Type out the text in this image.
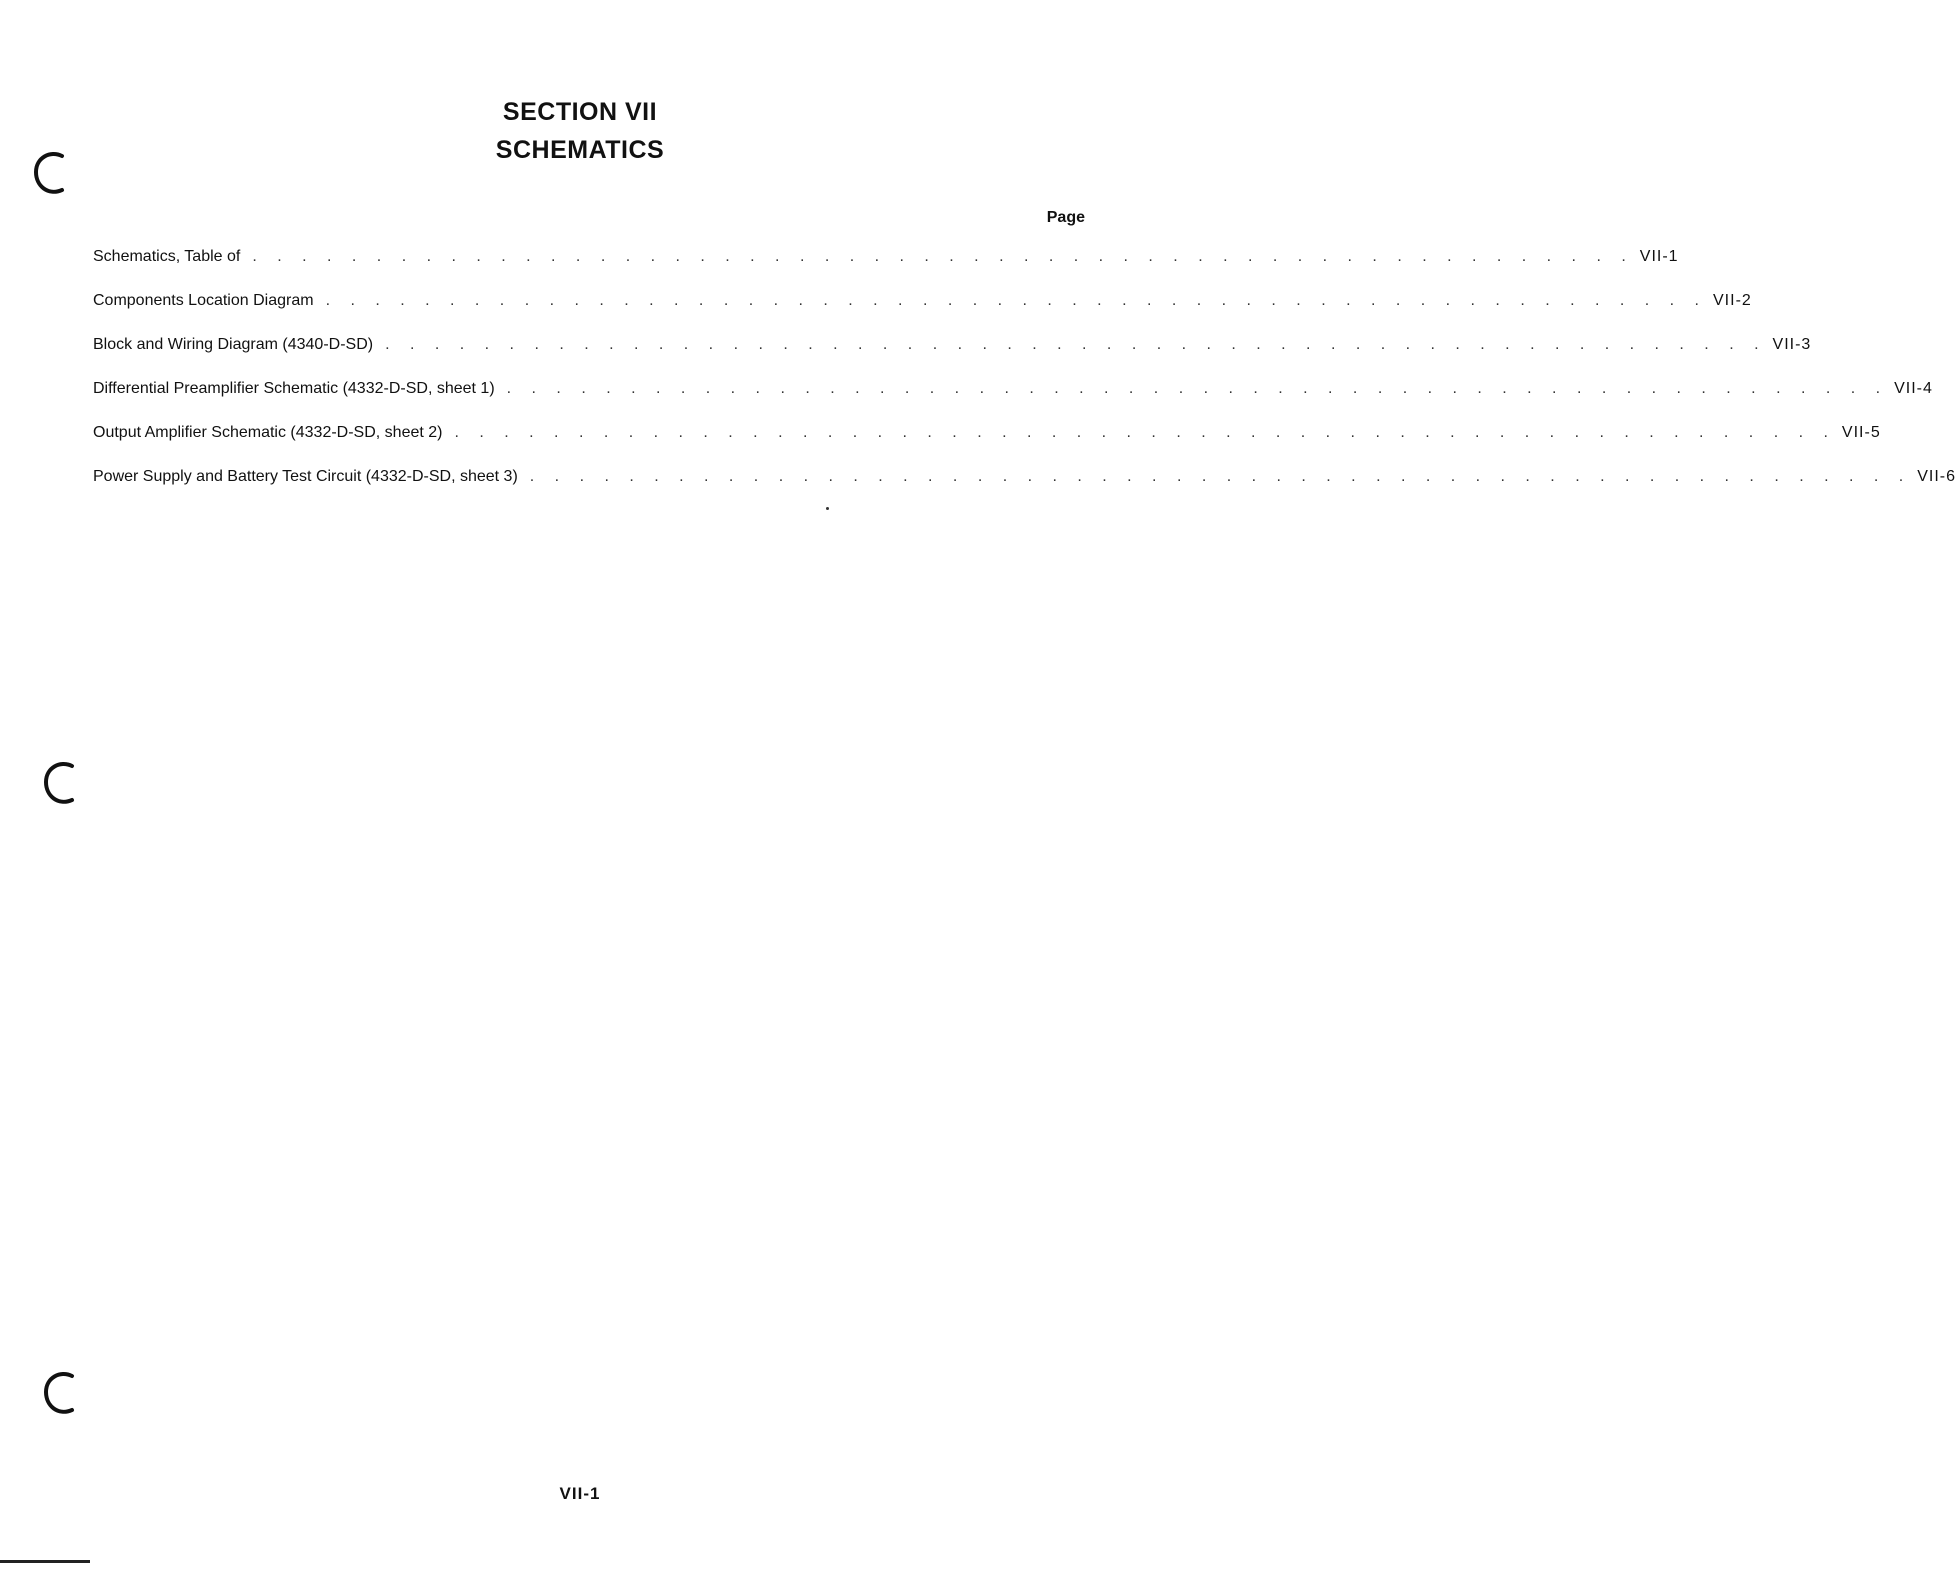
SECTION VII
SCHEMATICS
Page
Schematics, Table of . . . . . . . . . . . . . . . . . . . . . . . . . . . . . . . . . . . . . . . . . . . . . . . . . . . . . . . . VII-1
Components Location Diagram . . . . . . . . . . . . . . . . . . . . . . . . . . . . . . . . . . . . . . . . . . . . . . . . . . . . . . . . VII-2
Block and Wiring Diagram (4340-D-SD) . . . . . . . . . . . . . . . . . . . . . . . . . . . . . . . . . . . . . . . . . . . . . . . . . . . . . . . . VII-3
Differential Preamplifier Schematic (4332-D-SD, sheet 1) . . . . . . . . . . . . . . . . . . . . . . . . . . . . . . . . . . . . . . . . . . . . . . . . . . . . . . . . VII-4
Output Amplifier Schematic (4332-D-SD, sheet 2) . . . . . . . . . . . . . . . . . . . . . . . . . . . . . . . . . . . . . . . . . . . . . . . . . . . . . . . . VII-5
Power Supply and Battery Test Circuit (4332-D-SD, sheet 3) . . . . . . . . . . . . . . . . . . . . . . . . . . . . . . . . . . . . . . . . . . . . . . . . . . . . . . . . VII-6
VII-1
